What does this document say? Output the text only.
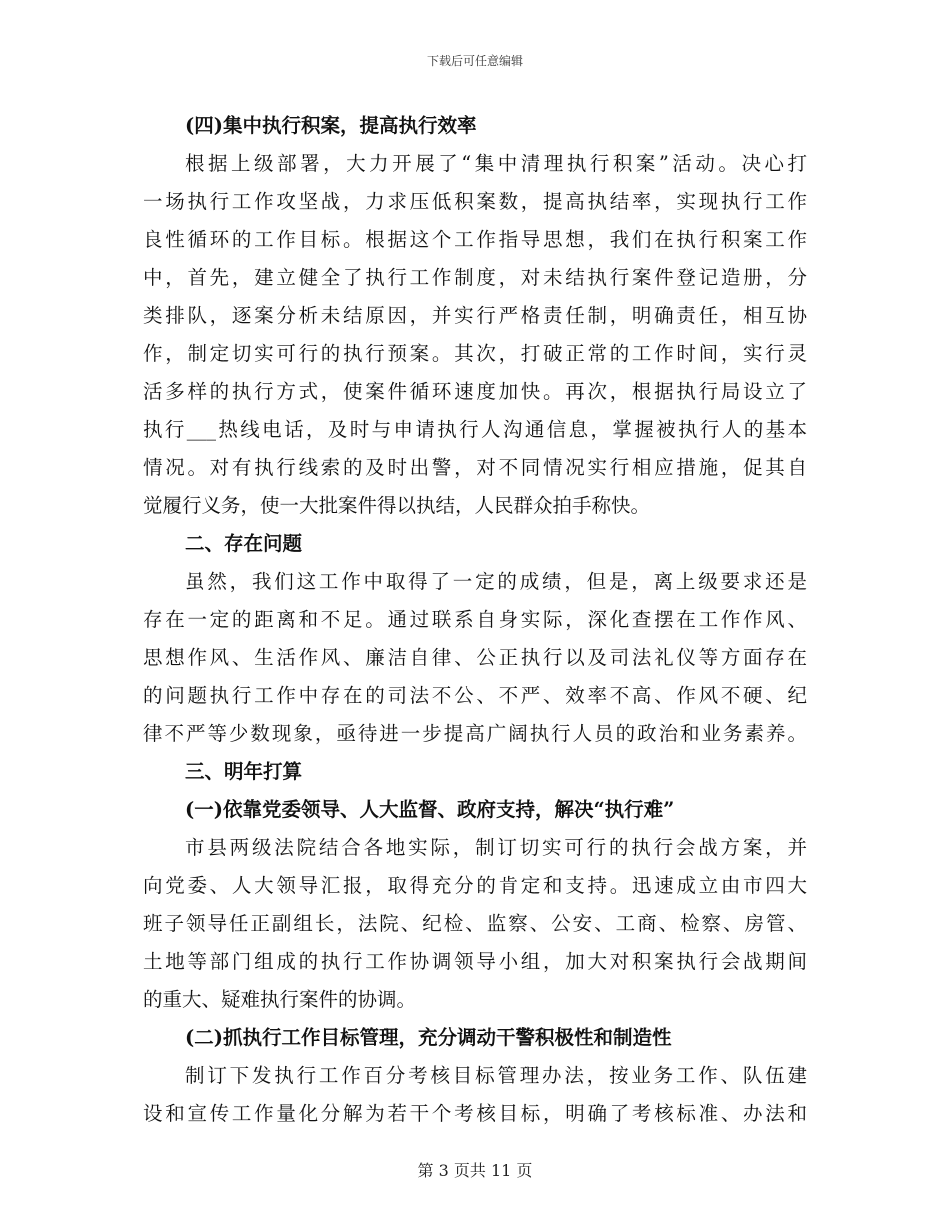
下载后可任意编辑
(四)集中执行积案，提高执行效率
根据上级部署，大力开展了“集中清理执行积案”活动。决心打
一场执行工作攻坚战，力求压低积案数，提高执结率，实现执行工作
良性循环的工作目标。根据这个工作指导思想，我们在执行积案工作
中，首先，建立健全了执行工作制度，对未结执行案件登记造册，分
类排队，逐案分析未结原因，并实行严格责任制，明确责任，相互协
作，制定切实可行的执行预案。其次，打破正常的工作时间，实行灵
活多样的执行方式，使案件循环速度加快。再次，根据执行局设立了
执行___热线电话，及时与申请执行人沟通信息，掌握被执行人的基本
情况。对有执行线索的及时出警，对不同情况实行相应措施，促其自
觉履行义务，使一大批案件得以执结，人民群众拍手称快。
二、存在问题
虽然，我们这工作中取得了一定的成绩，但是，离上级要求还是
存在一定的距离和不足。通过联系自身实际，深化查摆在工作作风、
思想作风、生活作风、廉洁自律、公正执行以及司法礼仪等方面存在
的问题执行工作中存在的司法不公、不严、效率不高、作风不硬、纪
律不严等少数现象，亟待进一步提高广阔执行人员的政治和业务素养。
三、明年打算
(一)依靠党委领导、人大监督、政府支持，解决“执行难”
市县两级法院结合各地实际，制订切实可行的执行会战方案，并
向党委、人大领导汇报，取得充分的肯定和支持。迅速成立由市四大
班子领导任正副组长，法院、纪检、监察、公安、工商、检察、房管、
土地等部门组成的执行工作协调领导小组，加大对积案执行会战期间
的重大、疑难执行案件的协调。
(二)抓执行工作目标管理，充分调动干警积极性和制造性
制订下发执行工作百分考核目标管理办法，按业务工作、队伍建
设和宣传工作量化分解为若干个考核目标，明确了考核标准、办法和
第 3 页共 11 页
